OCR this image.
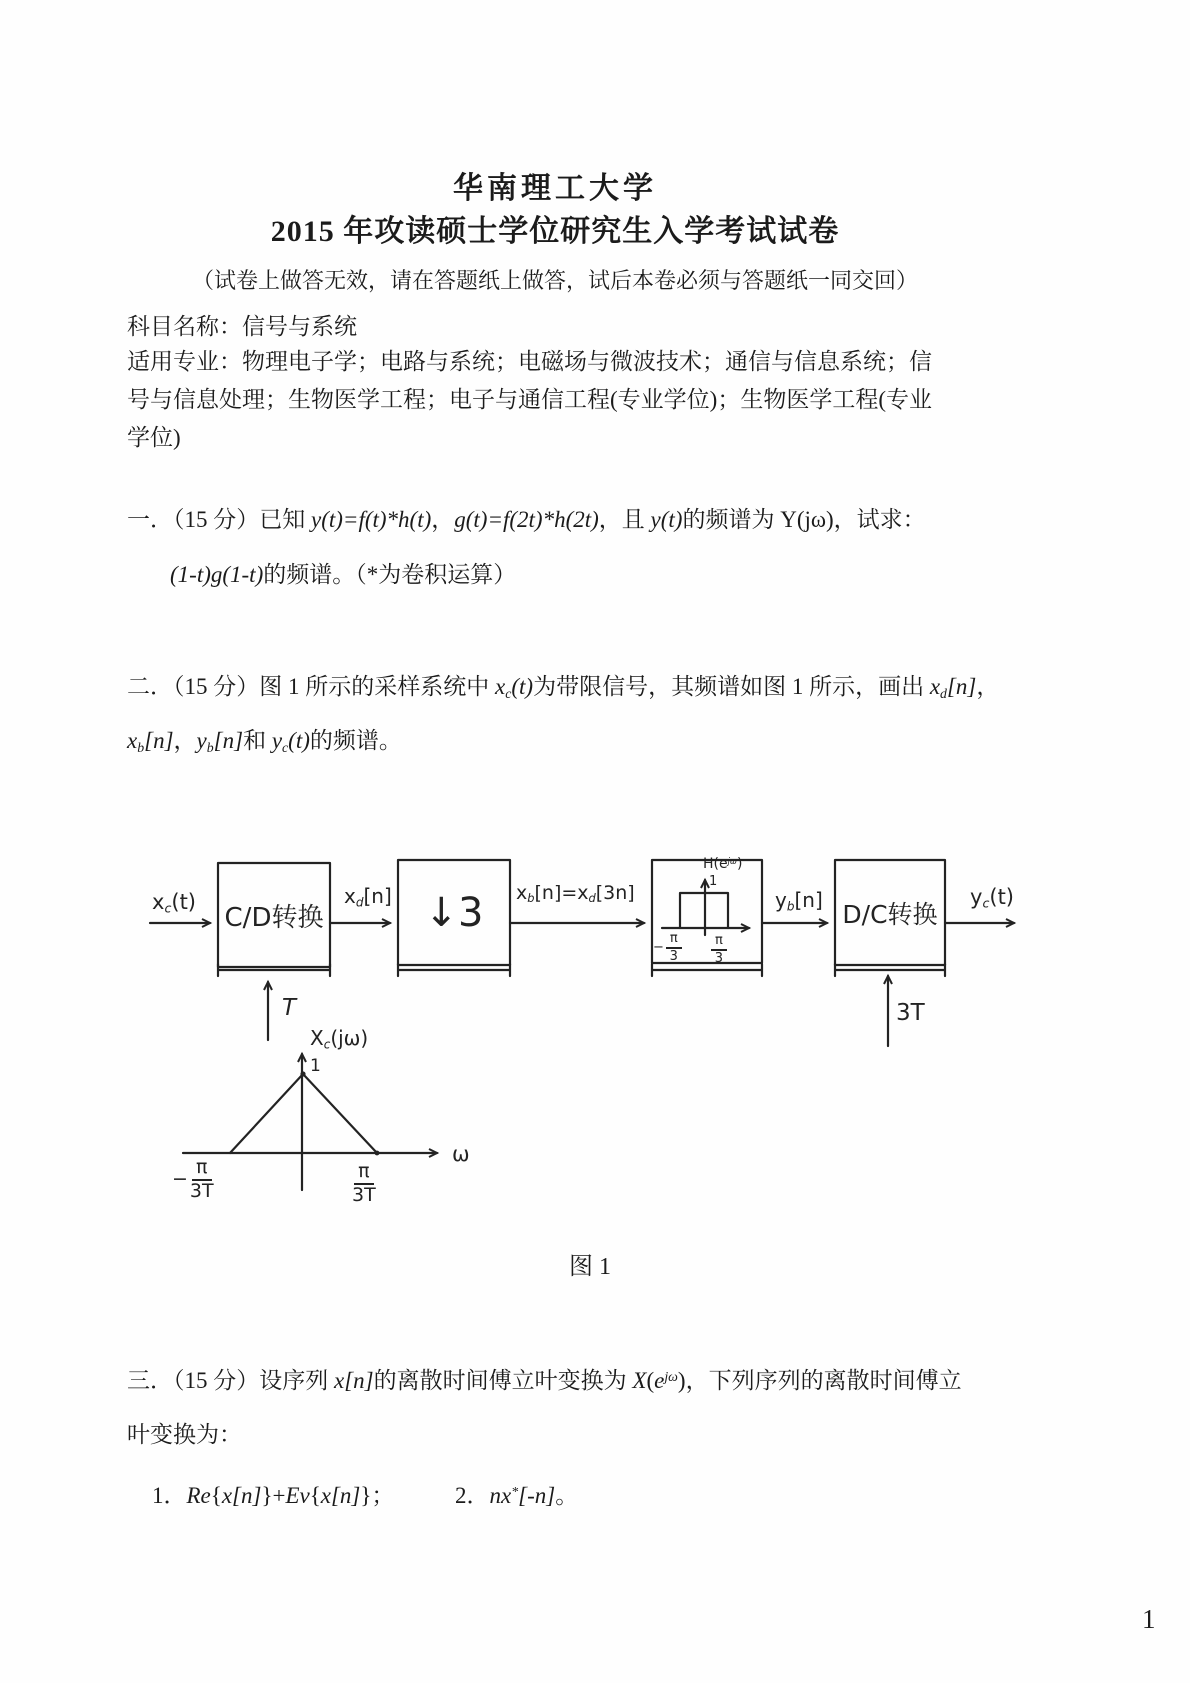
华南理工大学
2015 年攻读硕士学位研究生入学考试试卷
（试卷上做答无效，请在答题纸上做答，试后本卷必须与答题纸一同交回）
科目名称：信号与系统
适用专业：物理电子学；电路与系统；电磁场与微波技术；通信与信息系统；信
号与信息处理；生物医学工程；电子与通信工程(专业学位)；生物医学工程(专业
学位)
一．（15 分）已知 y(t)=f(t)*h(t)，g(t)=f(2t)*h(2t)，且 y(t)的频谱为 Y(jω)，试求：
(1-t)g(1-t)的频谱。（*为卷积运算）
二．（15 分）图 1 所示的采样系统中 $x_c(t)$为带限信号，其频谱如图 1 所示，画出 $x_d[n]$，
$x_b[n]$，$y_b[n]$和 $y_c(t)$的频谱。
$x_c(t)$
C/D转换
$x_d[n]$ ↓3	$x_b[n]=x_d[3n]$
$H(e^{j\omega})$
1
− $\frac{\pi}{3} \frac{\pi}{3}$
$y_b[n]$ D/C转换
$y_c(t)$
T	3T
$X_c(j\omega)$
1
ω
− $\frac{\pi}{3T}$	$\frac{\pi}{3T}$
图 1
三．（15 分）设序列 x[n]的离散时间傅立叶变换为 $X(e^{j\omega})$，下列序列的离散时间傅立
叶变换为：
1．Re{x[n]}+Ev{x[n]}；	2．nx*[-n]。
1
